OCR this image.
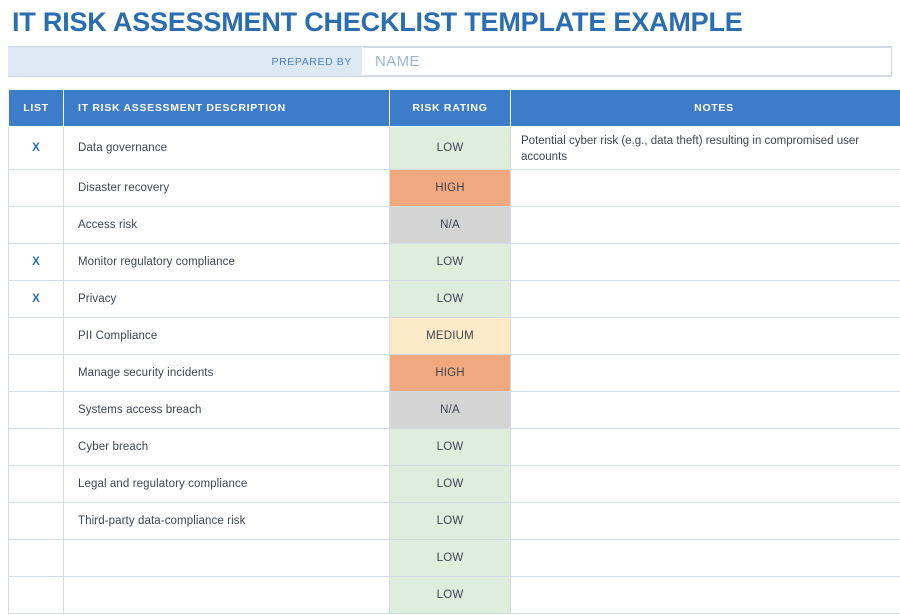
IT RISK ASSESSMENT CHECKLIST TEMPLATE EXAMPLE
PREPARED BY NAME
LIST	IT RISK ASSESSMENT DESCRIPTION	RISK RATING	NOTES
X	Data governance	LOW	Potential cyber risk (e.g., data theft) resulting in compromised user accounts
	Disaster recovery	HIGH	
	Access risk	N/A	
X	Monitor regulatory compliance	LOW	
X	Privacy	LOW	
	PII Compliance	MEDIUM	
	Manage security incidents	HIGH	
	Systems access breach	N/A	
	Cyber breach	LOW	
	Legal and regulatory compliance	LOW	
	Third-party data-compliance risk	LOW	
		LOW	
		LOW	
